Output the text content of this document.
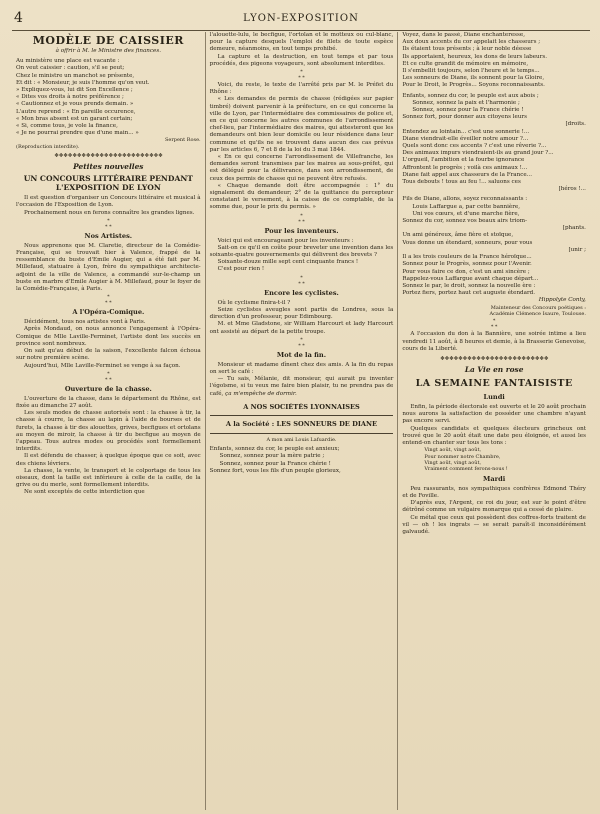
4	LYON-EXPOSITION
MODÈLE DE CAISSIER

à offrir à M. le Ministre des finances.

Au ministère une place est vacante :

On veut caissier : caution, s'il se peut;

Chez le ministre un manchot se présente,

Et dit : « Monsieur, je suis l'homme qu'on veut.

» Expliquez-vous, lui dit Son Excellence ;

« Dites vos droits à notre préférence ;

« Cautionnez et je vous prends demain. »

L'autre reprend : « En pareille occurence,

« Mon bras absent est un garant certain;

« Si, comme tous, je vole la finance,

« Je ne pourrai prendre que d'une main... »

Serpent Rose.

(Reproduction interdite).

❖❖❖❖❖❖❖❖❖❖❖❖❖❖❖❖❖❖❖❖❖❖❖❖
Petites nouvelles
UN CONCOURS LITTÉRAIRE PENDANT L'EXPOSITION DE LYON

Il est question d'organiser un Concours littéraire et musical à l'occasion de l'Exposition de Lyon.

Prochainement nous en ferons connaître les grandes lignes.

*
* *
Nos Artistes.

Nous apprenons que M. Claretie, directeur de la Comédie-Française, qui se trouvait hier à Valence, frappé de la ressemblance du buste d'Emile Augier, qui a été fait par M. Millefaud, statuaire à Lyon, frère du sympathique architecte-adjoint de la ville de Valence, a commandé sur-le-champ un buste en marbre d'Emile Augier à M. Millefaud, pour le foyer de la Comédie-Française, à Paris.

*
* *
A l'Opéra-Comique.

Décidément, tous nos artistes vont à Paris.

Après Mondaud, on nous annonce l'engagement à l'Opéra-Comique de Mlle Laville-Ferminet, l'artiste dont les succès en province sont nombreux.

On sait qu'au début de la saison, l'excellente falcon échoua sur notre première scène.

Aujourd'hui, Mlle Laville-Ferminet se venge à sa façon.

*
* *
Ouverture de la chasse.

L'ouverture de la chasse, dans le département du Rhône, est fixée au dimanche 27 août.

Les seuls modes de chasse autorisés sont : la chasse à tir, la chasse à courre, la chasse au lapin à l'aide de bourses et de furets, la chasse à tir des alouettes, grives, becfigues et ortolans au moyen de miroir, la chasse à tir du becfigue au moyen de l'appeau. Tous autres modes ou procédés sont formellement interdits.

Il est défendu de chasser, à quelque époque que ce soit, avec des chiens lévriers.

La chasse, la vente, le transport et le colportage de tous les oiseaux, dont la taille est inférieure à celle de la caille, de la grive ou du merle, sont formellement interdits.

Ne sont exceptés de cette interdiction que

l'alouette-lulu, le becfigue, l'ortolan et le motteux ou cul-blanc, pour la capture desquels l'emploi de filets de toute espèce demeure, néanmoins, en tout temps prohibé.

La capture et la destruction, en tout temps et par tous procédés, des pigeons voyageurs, sont absolument interdites.

*
* *

Voici, du reste, le texte de l'arrêté pris par M. le Préfet du Rhône :

« Les demandes de permis de chasse (rédigées sur papier timbré) doivent parvenir à la préfecture, en ce qui concerne la ville de Lyon, par l'intermédiaire des commissaires de police et, en ce qui concerne les autres communes de l'arrondissement chef-lieu, par l'intermédiaire des maires, qui attesteront que les demandeurs ont bien leur domicile ou leur résidence dans leur commune et qu'ils ne se trouvent dans aucun des cas prévus par les articles 6, 7 et 8 de la loi du 3 mai 1844.

« En ce qui concerne l'arrondissement de Villefranche, les demandes seront transmises par les maires au sous-préfet, qui est délégué pour la délivrance, dans son arrondissement, de ceux des permis de chasse qui ne peuvent être refusés.

« Chaque demande doit être accompagnée : 1° du signalement du demandeur; 2° de la quittance du percepteur constatant le versement, à la caisse de ce comptable, de la somme due, pour le prix du permis. »

*
* *
Pour les inventeurs.

Voici qui est encourageant pour les inventeurs :

Sait-on ce qu'il en coûte pour breveter une invention dans les soixante-quatre gouvernements qui délivrent des brevets ?

Soixante-douze mille sept cent cinquante francs !

C'est pour rien !

*
* *
Encore les cyclistes.

Où le cyclisme finira-t-il ?

Seize cyclistes aveugles sont partis de Londres, sous la direction d'un professeur, pour Edimbourg.

M. et Mme Gladstone, sir William Harcourt et lady Harcourt ont assisté au départ de la petite troupe.

*
* *
Mot de la fin.

Monsieur et madame dînent chez des amis. A la fin du repas on sert le café :

— Tu sais, Mélanie, dit monsieur, qui aurait pu inventer l'égoïsme, si tu veux me faire bien plaisir, tu ne prendra pas de café, ça m'empêche de dormir.

A NOS SOCIÉTÉS LYONNAISES
A la Société : LES SONNEURS DE DIANE

A mon ami Louis Lafuardie.

Enfants, sonnez du cor, le peuple est anxieux;

Sonnez, sonnez pour la mère patrie ;

Sonnez, sonnez pour la France chérie !

Sonnez fort, vous les fils d'un peuple glorieux,

Voyez, dans le passé, Diane enchanteresse,

Aux doux accents du cor appelait les chasseurs ;

Ils étaient tous présents ; à leur noble déesse

Ils apportaient, heureux, les dons de leurs labeurs.

Et ce culte grandit de mémoire en mémoire,

Il s'embellit toujours, selon l'heure et le temps...

Les sonneurs de Diane, ils sonnent pour la Gloire,

Pour le Droit, le Progrès... Soyons reconnaissants.

Enfants, sonnez du cor, le peuple est aux abois ;

Sonnez, sonnez la paix et l'harmonie ;

Sonnez, sonnez pour la France chérie !

Sonnez fort, pour donner aux citoyens leurs

[droits.

Entendez au lointain... c'est une sonnerie !...

Diane viendrait-elle éveiller notre amour ?...

Quels sont donc ces accents ? c'est une rêverie ?...

Des animaux impurs viendraient-ils au grand jour ?...

L'orgueil, l'ambition et la fourbe ignorance

Affrontent le progrès ; voilà ces animaux !...

Diane fait appel aux chasseurs de la France...

Tous debouts ! tous au feu !... saluons ces

[héros !...

Fils de Diane, allons, soyez reconnaissants :

Louis Laffargue a, par cette bannière,

Uni vos cœurs, et d'une marche fière,

Sonnez du cor, sonnez vos beaux airs triom-

[phants.

Un ami généreux, âme fière et stoïque,

Vous donne un étendard, sonneurs, pour vous

[unir ;

Il a les trois couleurs de la France héroïque...

Sonnez pour le Progrès, sonnez pour l'Avenir.

Pour vous faire ce don, c'est un ami sincère ;

Rappelez-vous Laffargue avant chaque départ...

Sonnez le par, le droit, sonnez la nouvelle ère :

Portez fiers, portez haut cet auguste étendard.

Hippolyte Conty,

Mainteneur des Concours poétiques :

Académie Clémence Isaure, Toulouse.

*
* *

A l'occasion du don à la Bannière, une soirée intime a lieu vendredi 11 août, à 8 heures et demie, à la Brasserie Genevoise, cours de la Liberté.

❖❖❖❖❖❖❖❖❖❖❖❖❖❖❖❖❖❖❖❖❖❖❖❖
La Vie en rose
LA SEMAINE FANTAISISTE
Lundi

Enfin, la période électorale est ouverte et le 20 août prochain nous aurons la satisfaction de posséder une chambre n'ayant pas encore servi.

Quelques candidats et quelques électeurs grincheux ont trouvé que le 20 août était une date peu éloignée, et aussi les entend-on chanter sur tous les tons :

Vingt août, vingt août,

Pour nommer notre Chambre,

Vingt août, vingt août,

Vraiment comment ferons-nous !

Mardi

Peu rassurants, nos sympathiques confrères Edmond Théry et de Foville.

D'après eux, l'Argent, ce roi du jour, est sur le point d'être détrôné comme un vulgaire monarque qui a cessé de plaire.

Ce métal que ceux qui possèdent des coffres-forts traitent de vil — oh ! les ingrats — se serait paraît-il inconsidérément galvaudé.
